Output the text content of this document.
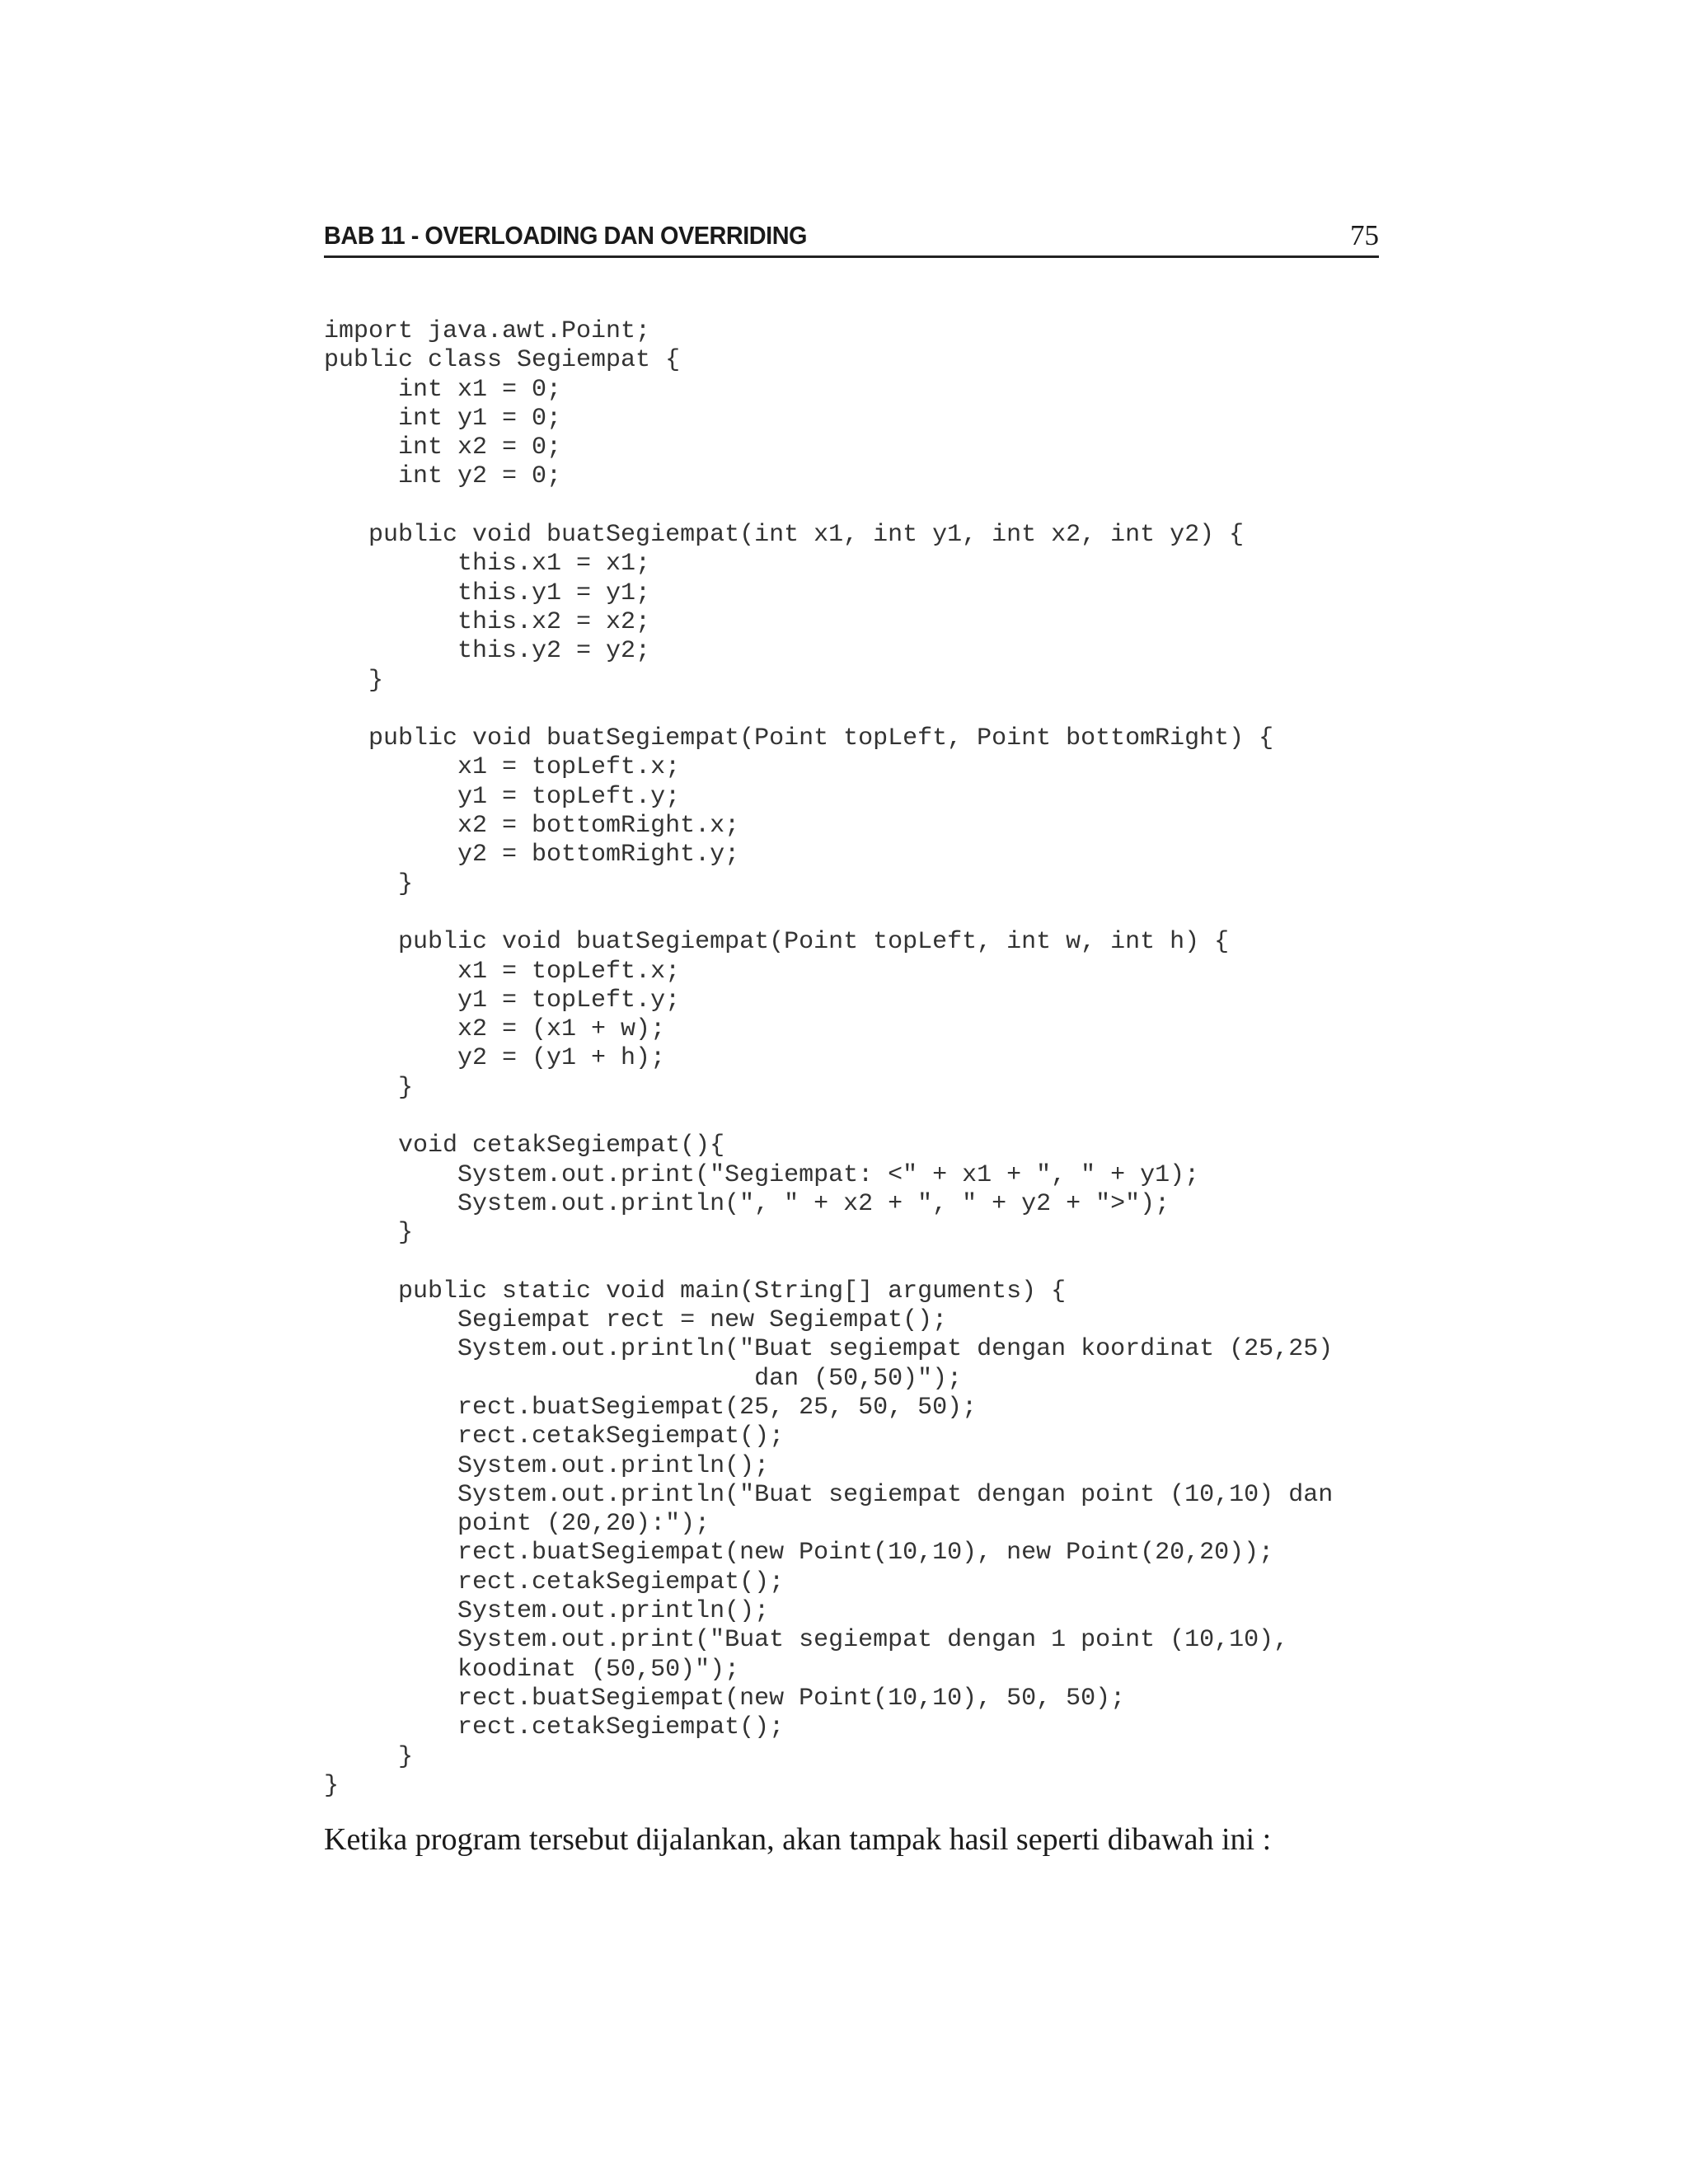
BAB 11 - OVERLOADING DAN OVERRIDING	75
import java.awt.Point;
public class Segiempat {
int x1 = 0;
int y1 = 0;
int x2 = 0;
int y2 = 0;

public void buatSegiempat(int x1, int y1, int x2, int y2) {
this.x1 = x1;
this.y1 = y1;
this.x2 = x2;
this.y2 = y2;
}

public void buatSegiempat(Point topLeft, Point bottomRight) {
x1 = topLeft.x;
y1 = topLeft.y;
x2 = bottomRight.x;
y2 = bottomRight.y;
}

public void buatSegiempat(Point topLeft, int w, int h) {
x1 = topLeft.x;
y1 = topLeft.y;
x2 = (x1 + w);
y2 = (y1 + h);
}

void cetakSegiempat(){
System.out.print("Segiempat: <" + x1 + ", " + y1);
System.out.println(", " + x2 + ", " + y2 + ">");
}

public static void main(String[] arguments) {
Segiempat rect = new Segiempat();
System.out.println("Buat segiempat dengan koordinat (25,25)
dan (50,50)");
rect.buatSegiempat(25, 25, 50, 50);
rect.cetakSegiempat();
System.out.println();
System.out.println("Buat segiempat dengan point (10,10) dan
point (20,20):");
rect.buatSegiempat(new Point(10,10), new Point(20,20));
rect.cetakSegiempat();
System.out.println();
System.out.print("Buat segiempat dengan 1 point (10,10),
koodinat (50,50)");
rect.buatSegiempat(new Point(10,10), 50, 50);
rect.cetakSegiempat();
}
}
Ketika program tersebut dijalankan, akan tampak hasil seperti dibawah ini :
